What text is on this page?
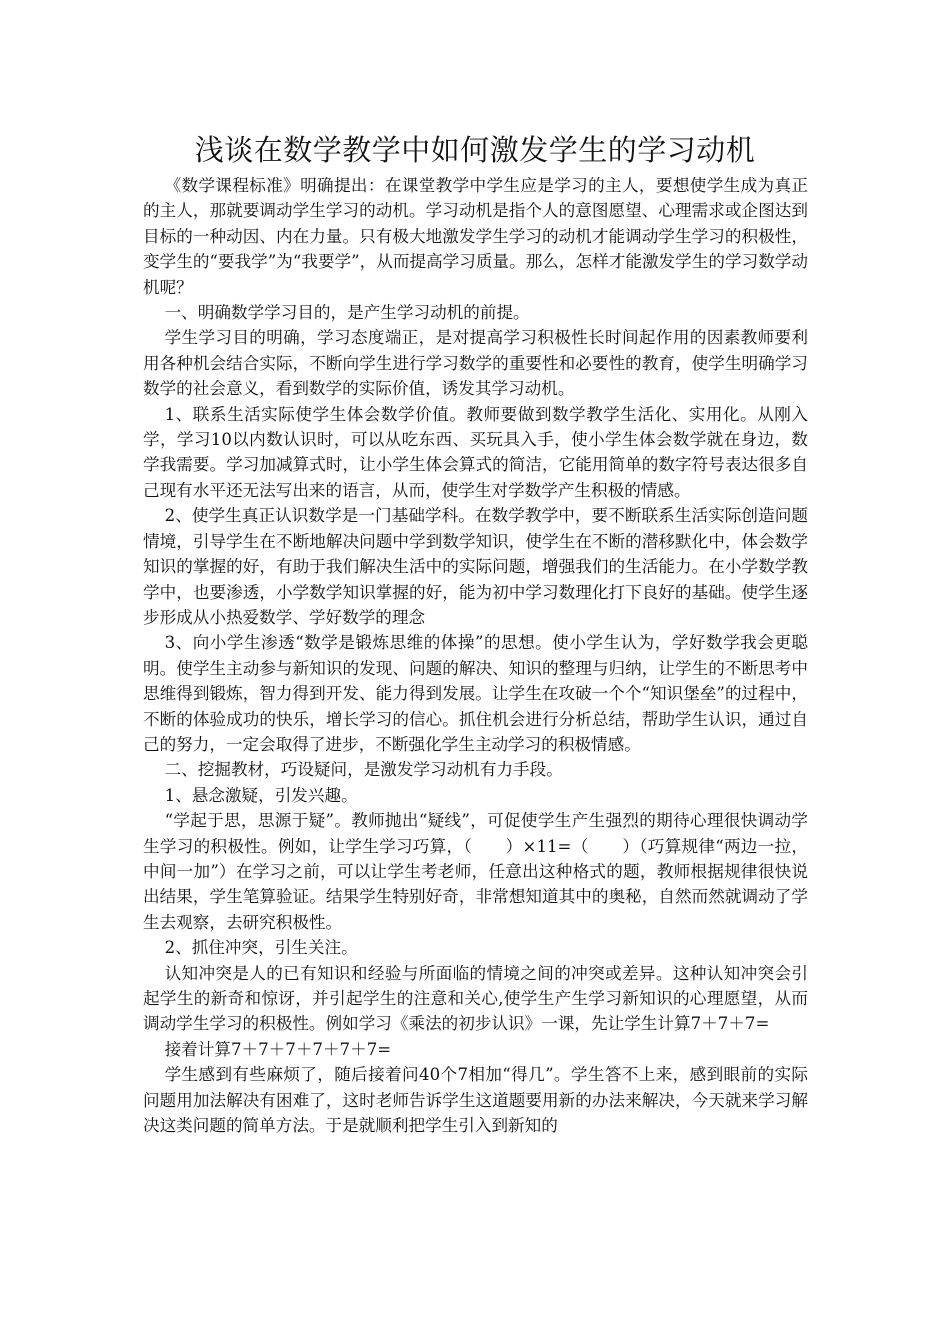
浅谈在数学教学中如何激发学生的学习动机

《数学课程标准》明确提出：在课堂教学中学生应是学习的主人，要想使学生成为真正的主人，那就要调动学生学习的动机。学习动机是指个人的意图愿望、心理需求或企图达到目标的一种动因、内在力量。只有极大地激发学生学习的动机才能调动学生学习的积极性，变学生的“要我学”为“我要学”，从而提高学习质量。那么，怎样才能激发学生的学习数学动机呢？

一、明确数学学习目的，是产生学习动机的前提。

学生学习目的明确，学习态度端正，是对提高学习积极性长时间起作用的因素教师要利用各种机会结合实际，不断向学生进行学习数学的重要性和必要性的教育，使学生明确学习数学的社会意义，看到数学的实际价值，诱发其学习动机。

1、联系生活实际使学生体会数学价值。教师要做到数学教学生活化、实用化。从刚入学，学习10以内数认识时，可以从吃东西、买玩具入手，使小学生体会数学就在身边，数学我需要。学习加减算式时，让小学生体会算式的简洁，它能用简单的数字符号表达很多自己现有水平还无法写出来的语言，从而，使学生对学数学产生积极的情感。

2、使学生真正认识数学是一门基础学科。在数学教学中，要不断联系生活实际创造问题情境，引导学生在不断地解决问题中学到数学知识，使学生在不断的潜移默化中，体会数学知识的掌握的好，有助于我们解决生活中的实际问题，增强我们的生活能力。在小学数学教学中，也要渗透，小学数学知识掌握的好，能为初中学习数理化打下良好的基础。使学生逐步形成从小热爱数学、学好数学的理念

3、向小学生渗透“数学是锻炼思维的体操”的思想。使小学生认为，学好数学我会更聪明。使学生主动参与新知识的发现、问题的解决、知识的整理与归纳，让学生的不断思考中思维得到锻炼，智力得到开发、能力得到发展。让学生在攻破一个个“知识堡垒”的过程中，不断的体验成功的快乐，增长学习的信心。抓住机会进行分析总结，帮助学生认识，通过自己的努力，一定会取得了进步，不断强化学生主动学习的积极情感。

二、挖掘教材，巧设疑问，是激发学习动机有力手段。

1、悬念激疑，引发兴趣。

“学起于思，思源于疑”。教师抛出“疑线”，可促使学生产生强烈的期待心理很快调动学生学习的积极性。例如，让学生学习巧算，（　　）×11=（　　）（巧算规律“两边一拉，中间一加”）在学习之前，可以让学生考老师，任意出这种格式的题，教师根据规律很快说出结果，学生笔算验证。结果学生特别好奇，非常想知道其中的奥秘，自然而然就调动了学生去观察，去研究积极性。

2、抓住冲突，引生关注。

认知冲突是人的已有知识和经验与所面临的情境之间的冲突或差异。这种认知冲突会引起学生的新奇和惊讶，并引起学生的注意和关心,使学生产生学习新知识的心理愿望，从而调动学生学习的积极性。例如学习《乘法的初步认识》一课，先让学生计算7＋7＋7=

接着计算7＋7＋7＋7＋7＋7=

学生感到有些麻烦了，随后接着问40个7相加“得几”。学生答不上来，感到眼前的实际问题用加法解决有困难了，这时老师告诉学生这道题要用新的办法来解决，今天就来学习解决这类问题的简单方法。于是就顺利把学生引入到新知的
